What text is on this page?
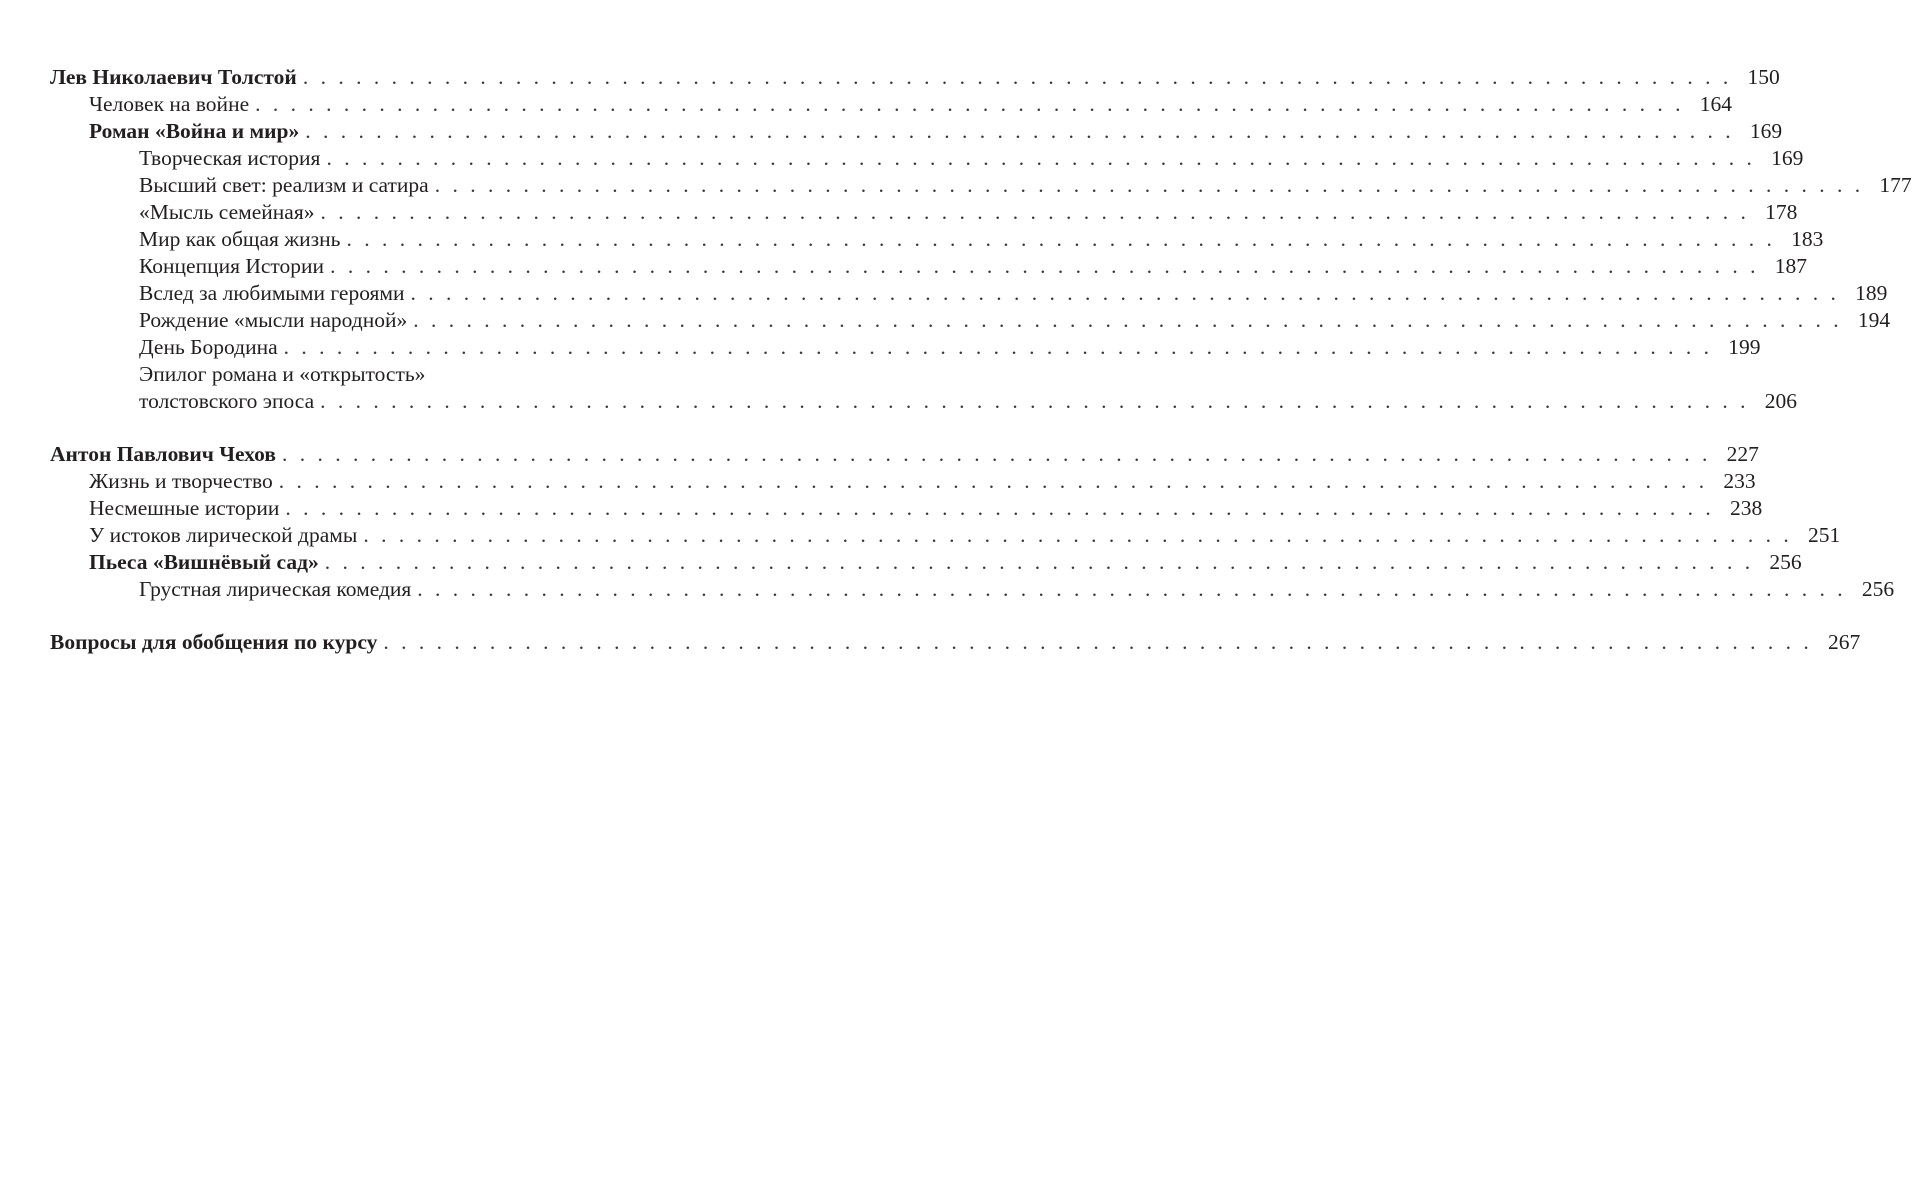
Лев Николаевич Толстой . . . . . . . . . . . . . . . . . . . . . . . . . . . . . . . . . . . . . . . . . . . . . . . . . . . . . . . . . . . . . . . . . . . . . . . . . . . . . . . . . 150
Человек на войне . . . . . . . . . . . . . . . . . . . . . . . . . . . . . . . . . . . . . . . . . . . . . . . . . . . . . . . . . . . . . . . . . . . . . . . . . . . . . . . . . 164
Роман «Война и мир» . . . . . . . . . . . . . . . . . . . . . . . . . . . . . . . . . . . . . . . . . . . . . . . . . . . . . . . . . . . . . . . . . . . . . . . . . . . . . . . . . 169
Творческая история . . . . . . . . . . . . . . . . . . . . . . . . . . . . . . . . . . . . . . . . . . . . . . . . . . . . . . . . . . . . . . . . . . . . . . . . . . . . . . . . . 169
Высший свет: реализм и сатира . . . . . . . . . . . . . . . . . . . . . . . . . . . . . . . . . . . . . . . . . . . . . . . . . . . . . . . . . . . . . . . . . . . . . . . . . . . . . . . . . 177
«Мысль семейная» . . . . . . . . . . . . . . . . . . . . . . . . . . . . . . . . . . . . . . . . . . . . . . . . . . . . . . . . . . . . . . . . . . . . . . . . . . . . . . . . . 178
Мир как общая жизнь . . . . . . . . . . . . . . . . . . . . . . . . . . . . . . . . . . . . . . . . . . . . . . . . . . . . . . . . . . . . . . . . . . . . . . . . . . . . . . . . . 183
Концепция Истории . . . . . . . . . . . . . . . . . . . . . . . . . . . . . . . . . . . . . . . . . . . . . . . . . . . . . . . . . . . . . . . . . . . . . . . . . . . . . . . . . 187
Вслед за любимыми героями . . . . . . . . . . . . . . . . . . . . . . . . . . . . . . . . . . . . . . . . . . . . . . . . . . . . . . . . . . . . . . . . . . . . . . . . . . . . . . . . . 189
Рождение «мысли народной» . . . . . . . . . . . . . . . . . . . . . . . . . . . . . . . . . . . . . . . . . . . . . . . . . . . . . . . . . . . . . . . . . . . . . . . . . . . . . . . . . 194
День Бородина . . . . . . . . . . . . . . . . . . . . . . . . . . . . . . . . . . . . . . . . . . . . . . . . . . . . . . . . . . . . . . . . . . . . . . . . . . . . . . . . . 199
Эпилог романа и «открытость»
толстовского эпоса . . . . . . . . . . . . . . . . . . . . . . . . . . . . . . . . . . . . . . . . . . . . . . . . . . . . . . . . . . . . . . . . . . . . . . . . . . . . . . . . . 206
Антон Павлович Чехов . . . . . . . . . . . . . . . . . . . . . . . . . . . . . . . . . . . . . . . . . . . . . . . . . . . . . . . . . . . . . . . . . . . . . . . . . . . . . . . . . 227
Жизнь и творчество . . . . . . . . . . . . . . . . . . . . . . . . . . . . . . . . . . . . . . . . . . . . . . . . . . . . . . . . . . . . . . . . . . . . . . . . . . . . . . . . . 233
Несмешные истории . . . . . . . . . . . . . . . . . . . . . . . . . . . . . . . . . . . . . . . . . . . . . . . . . . . . . . . . . . . . . . . . . . . . . . . . . . . . . . . . . 238
У истоков лирической драмы . . . . . . . . . . . . . . . . . . . . . . . . . . . . . . . . . . . . . . . . . . . . . . . . . . . . . . . . . . . . . . . . . . . . . . . . . . . . . . . . . 251
Пьеса «Вишнёвый сад» . . . . . . . . . . . . . . . . . . . . . . . . . . . . . . . . . . . . . . . . . . . . . . . . . . . . . . . . . . . . . . . . . . . . . . . . . . . . . . . . . 256
Грустная лирическая комедия . . . . . . . . . . . . . . . . . . . . . . . . . . . . . . . . . . . . . . . . . . . . . . . . . . . . . . . . . . . . . . . . . . . . . . . . . . . . . . . . . 256
Вопросы для обобщения по курсу . . . . . . . . . . . . . . . . . . . . . . . . . . . . . . . . . . . . . . . . . . . . . . . . . . . . . . . . . . . . . . . . . . . . . . . . . . . . . . . . . 267
